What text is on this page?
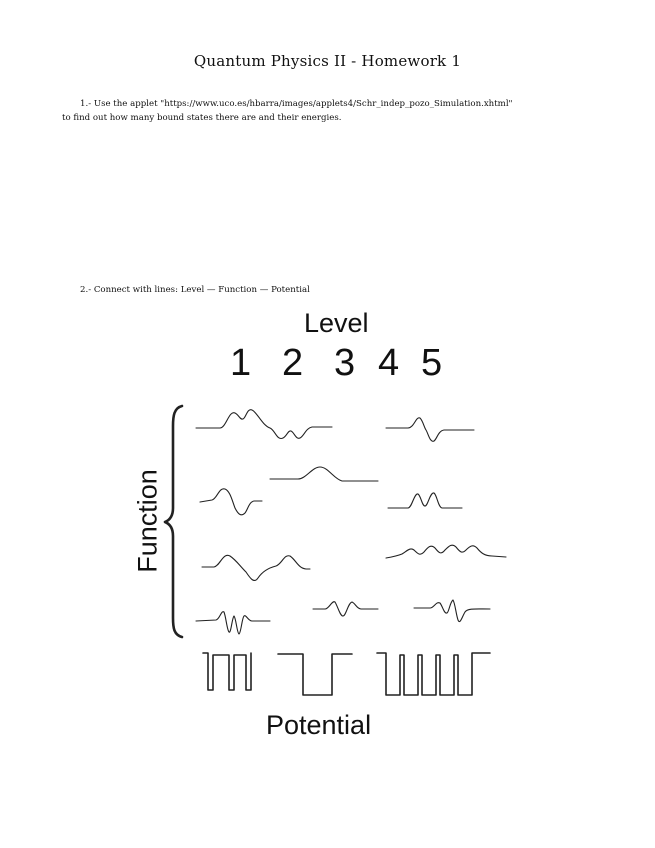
Quantum Physics II - Homework 1
1.- Use the applet "https://www.uco.es/hbarra/images/applets4/Schr_indep_pozo_Simulation.xhtml"
to find out how many bound states there are and their energies.
2.- Connect with lines: Level — Function — Potential
Level
1 2 3 4 5
Function
Potential
